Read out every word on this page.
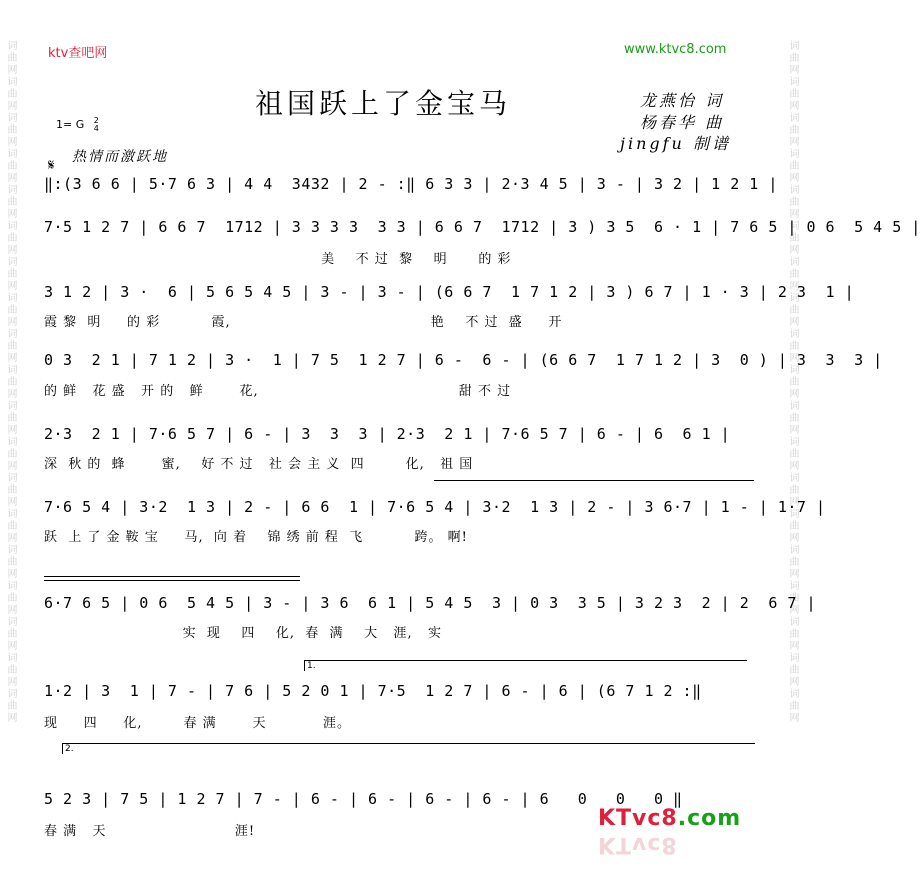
词曲网词曲网词曲网词曲网词曲网词曲网词曲网词曲网词曲网词曲网词曲网词曲网词曲网词曲网词曲网词曲网词曲网词曲网词曲网	词曲网词曲网词曲网词曲网词曲网词曲网词曲网词曲网词曲网词曲网词曲网词曲网词曲网词曲网词曲网词曲网词曲网词曲网词曲网
ktv查吧网	www.ktvc8.com
祖国跃上了金宝马	龙燕怡 词
杨春华 曲
jingfu 制谱
1= G 2
4
热情而激跃地
𝄋
‖:(3 6 6 | 5·7 6 3 | 4 4  3432 | 2 - :‖ 6 3 3 | 2·3 4 5 | 3 - | 3 2 | 1 2 1 |
7·5 1 2 7 | 6 6 7  1712 | 3 3 3 3  3 3 | 6 6 7  1712 | 3 ) 3 5  6 · 1 | 7 6 5 | 0 6  5 4 5 |
美    不 过  黎    明      的 彩
3 1 2 | 3 ·  6 | 5 6 5 4 5 | 3 - | 3 - | (6 6 7  1 7 1 2 | 3 ) 6 7 | 1 · 3 | 2 3  1 |
霞 黎  明     的 彩          霞,                                       艳    不 过  盛     开
0 3  2 1 | 7 1 2 | 3 ·  1 | 7 5  1 2 7 | 6 -  6 - | (6 6 7  1 7 1 2 | 3  0 ) | 3  3  3 |
的 鲜   花 盛   开 的   鲜       花,                                       甜 不 过
2·3  2 1 | 7·6 5 7 | 6 - | 3  3  3 | 2·3  2 1 | 7·6 5 7 | 6 - | 6  6 1 |
深  秋 的  蜂       蜜,    好 不 过   社 会 主 义  四        化,   祖 国
7·6 5 4 | 3·2  1 3 | 2 - | 6 6  1 | 7·6 5 4 | 3·2  1 3 | 2 - | 3 6·7 | 1 - | 1·7 |
跃  上 了 金 鞍 宝     马,  向 着    锦 绣 前 程  飞          跨。 啊!
6·7 6 5 | 0 6  5 4 5 | 3 - | 3 6  6 1 | 5 4 5  3 | 0 3  3 5 | 3 2 3  2 | 2  6 7 |
实  现    四    化,  春  满    大   涯,   实
1.
1·2 | 3  1 | 7 - | 7 6 | 5 2 0 1 | 7·5  1 2 7 | 6 - | 6 | (6 7 1 2 :‖
现     四     化,        春 满       天           涯。
2.
5 2 3 | 7 5 | 1 2 7 | 7 - | 6 - | 6 - | 6 - | 6 - | 6   0   0   0 ‖
春 满   天                         涯!
KTvc8.com
KTvc8
